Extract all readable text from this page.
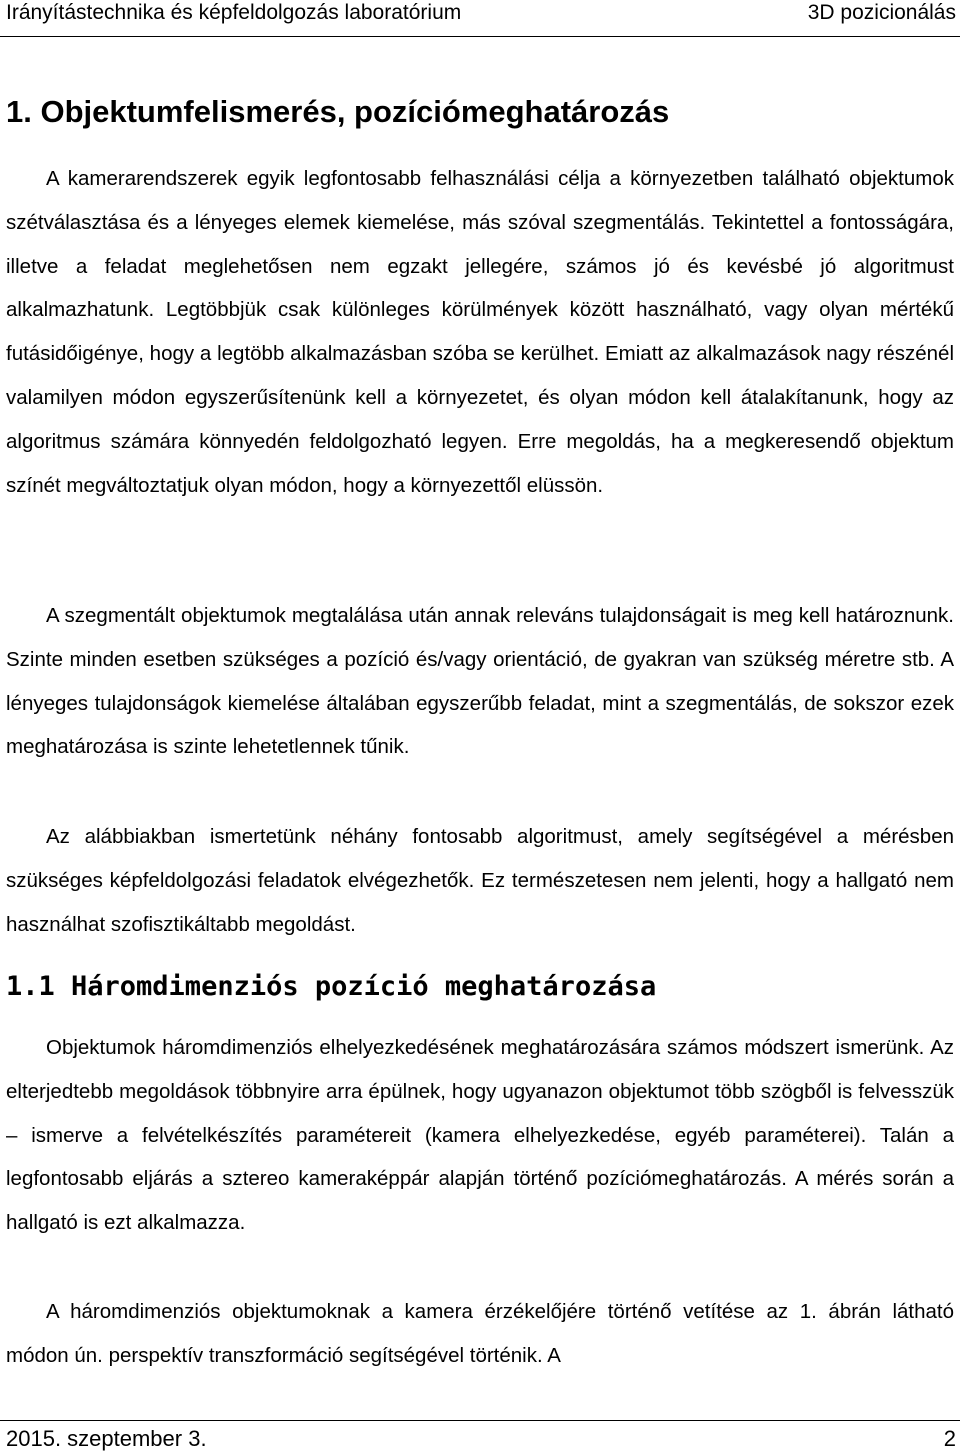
Irányítástechnika és képfeldolgozás laboratórium	3D pozicionálás
1. Objektumfelismerés, pozíciómeghatározás

A kamerarendszerek egyik legfontosabb felhasználási célja a környezetben található objektumok szétválasztása és a lényeges elemek kiemelése, más szóval szegmentálás. Tekintettel a fontosságára, illetve a feladat meglehetősen nem egzakt jellegére, számos jó és kevésbé jó algoritmust alkalmazhatunk. Legtöbbjük csak különleges körülmények között használható, vagy olyan mértékű futásidőigénye, hogy a legtöbb alkalmazásban szóba se kerülhet. Emiatt az alkalmazások nagy részénél valamilyen módon egyszerűsítenünk kell a környezetet, és olyan módon kell átalakítanunk, hogy az algoritmus számára könnyedén feldolgozható legyen. Erre megoldás, ha a megkeresendő objektum színét megváltoztatjuk olyan módon, hogy a környezettől elüssön.

A szegmentált objektumok megtalálása után annak releváns tulajdonságait is meg kell határoznunk. Szinte minden esetben szükséges a pozíció és/vagy orientáció, de gyakran van szükség méretre stb. A lényeges tulajdonságok kiemelése általában egyszerűbb feladat, mint a szegmentálás, de sokszor ezek meghatározása is szinte lehetetlennek tűnik.

Az alábbiakban ismertetünk néhány fontosabb algoritmust, amely segítségével a mérésben szükséges képfeldolgozási feladatok elvégezhetők. Ez természetesen nem jelenti, hogy a hallgató nem használhat szofisztikáltabb megoldást.

1.1 Háromdimenziós pozíció meghatározása

Objektumok háromdimenziós elhelyezkedésének meghatározására számos módszert ismerünk. Az elterjedtebb megoldások többnyire arra épülnek, hogy ugyanazon objektumot több szögből is felvesszük – ismerve a felvételkészítés paramétereit (kamera elhelyezkedése, egyéb paraméterei). Talán a legfontosabb eljárás a sztereo kameraképpár alapján történő pozíciómeghatározás. A mérés során a hallgató is ezt alkalmazza.

A háromdimenziós objektumoknak a kamera érzékelőjére történő vetítése az 1. ábrán látható módon ún. perspektív transzformáció segítségével történik. A

2015. szeptember 3.	2
